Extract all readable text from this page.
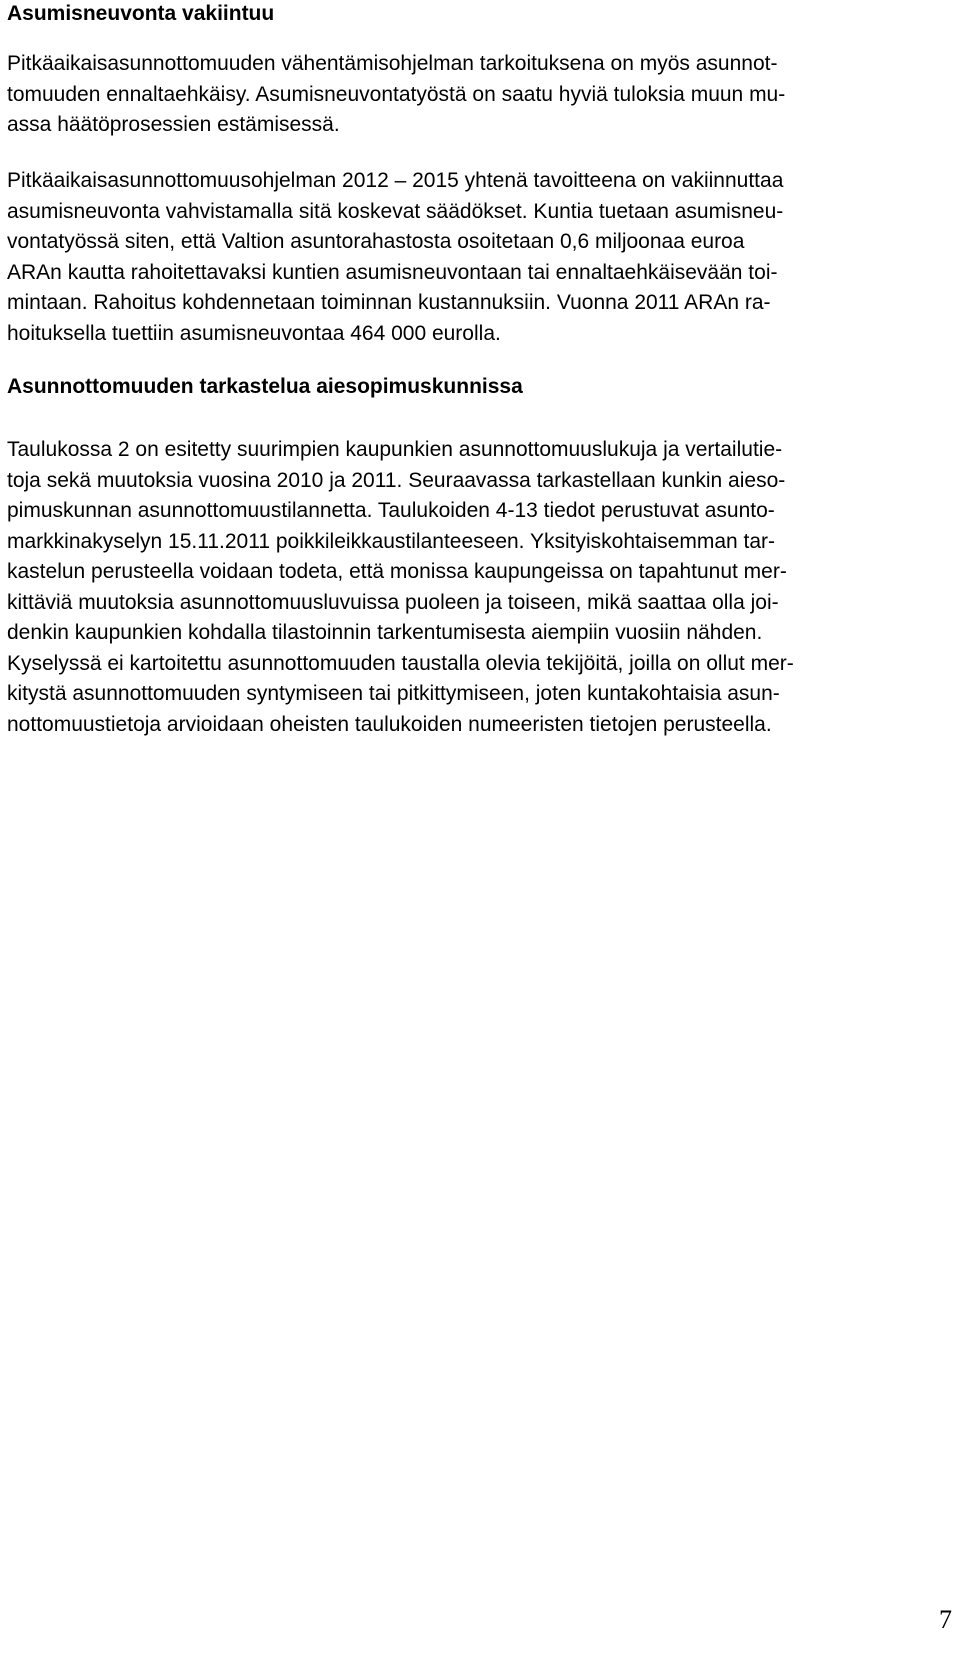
Asumisneuvonta vakiintuu
Pitkäaikaisasunnottomuuden vähentämisohjelman tarkoituksena on myös asunnot-
tomuuden ennaltaehkäisy. Asumisneuvontatyöstä on saatu hyviä tuloksia muun mu-
assa häätöprosessien estämisessä.
Pitkäaikaisasunnottomuusohjelman 2012 – 2015 yhtenä tavoitteena on vakiinnuttaa
asumisneuvonta vahvistamalla sitä koskevat säädökset. Kuntia tuetaan asumisneu-
vontatyössä siten, että Valtion asuntorahastosta osoitetaan 0,6 miljoonaa euroa
ARAn kautta rahoitettavaksi kuntien asumisneuvontaan tai ennaltaehkäisevään toi-
mintaan. Rahoitus kohdennetaan toiminnan kustannuksiin. Vuonna 2011 ARAn ra-
hoituksella tuettiin asumisneuvontaa 464 000 eurolla.
Asunnottomuuden tarkastelua aiesopimuskunnissa
Taulukossa 2 on esitetty suurimpien kaupunkien asunnottomuuslukuja ja vertailutie-
toja sekä muutoksia vuosina 2010 ja 2011. Seuraavassa tarkastellaan kunkin aieso-
pimuskunnan asunnottomuustilannetta. Taulukoiden 4-13 tiedot perustuvat asunto-
markkinakyselyn 15.11.2011 poikkileikkaustilanteeseen. Yksityiskohtaisemman tar-
kastelun perusteella voidaan todeta, että monissa kaupungeissa on tapahtunut mer-
kittäviä muutoksia asunnottomuusluvuissa puoleen ja toiseen, mikä saattaa olla joi-
denkin kaupunkien kohdalla tilastoinnin tarkentumisesta aiempiin vuosiin nähden.
Kyselyssä ei kartoitettu asunnottomuuden taustalla olevia tekijöitä, joilla on ollut mer-
kitystä asunnottomuuden syntymiseen tai pitkittymiseen, joten kuntakohtaisia asun-
nottomuustietoja arvioidaan oheisten taulukoiden numeeristen tietojen perusteella.
7
